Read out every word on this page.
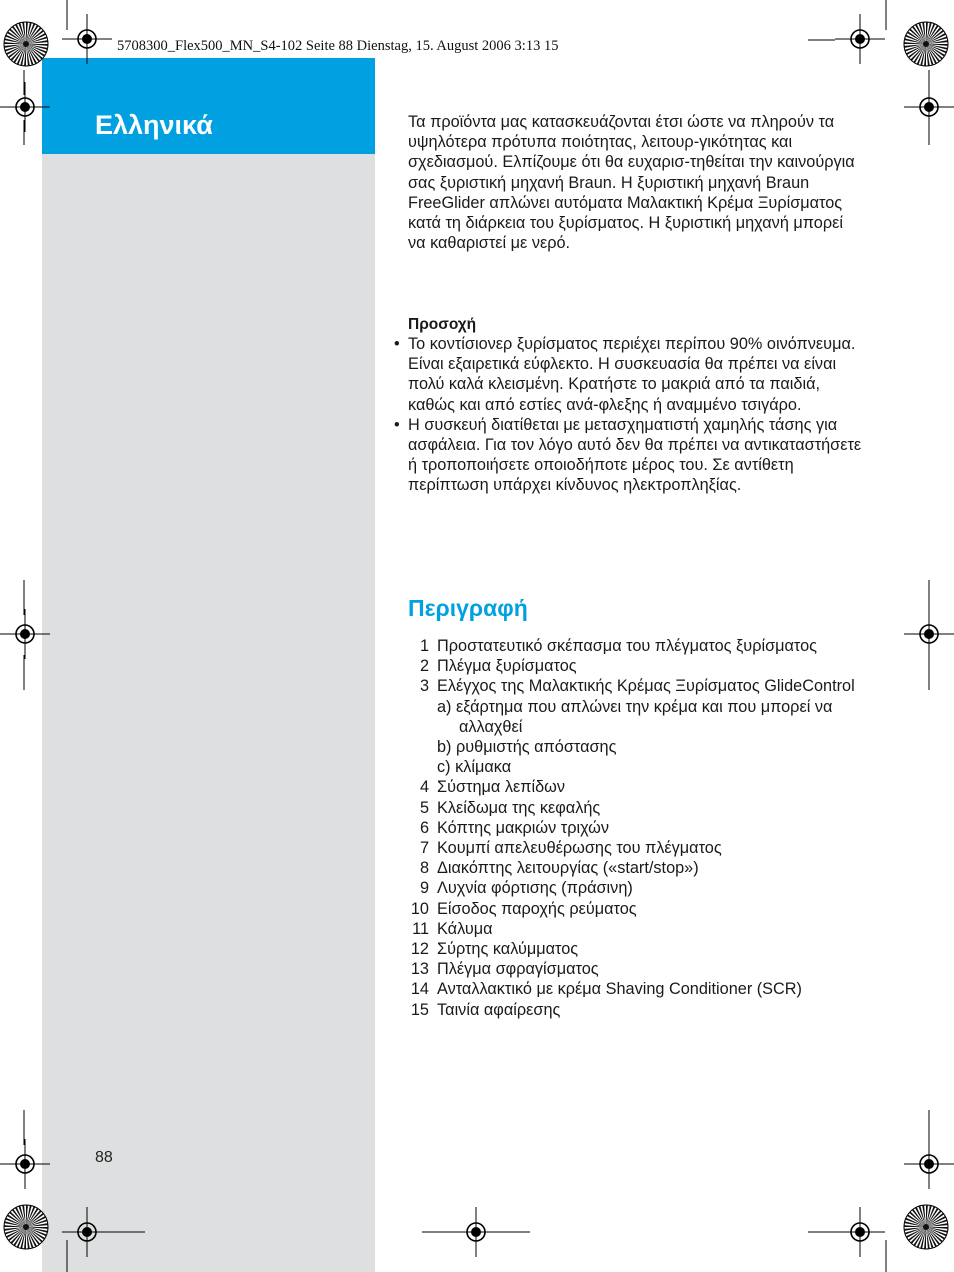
Ελληνικά
5708300_Flex500_MN_S4-102 Seite 88 Dienstag, 15. August 2006 3:13 15

Τα προϊόντα μας κατασκευάζονται έτσι ώστε να πληρούν τα υψηλότερα πρότυπα ποιότητας, λειτουρ-γικότητας και σχεδιασμού. Ελπίζουμε ότι θα ευχαρισ-τηθείται την καινούργια σας ξυριστική μηχανή Braun. Η ξυριστική μηχανή Braun FreeGlider απλώνει αυτόματα Μαλακτική Κρέμα Ξυρίσματος κατά τη διάρκεια του ξυρίσματος. Η ξυριστική μηχανή μπορεί να καθαριστεί με νερό.

Προσοχή
• Το κοντίσιονερ ξυρίσματος περιέχει περίπου 90% οινόπνευμα. Είναι εξαιρετικά εύφλεκτο. Η συσκευασία θα πρέπει να είναι πολύ καλά κλεισμένη. Κρατήστε το μακριά από τα παιδιά, καθώς και από εστίες ανά-φλεξης ή αναμμένο τσιγάρο.
• Η συσκευή διατίθεται με μετασχηματιστή χαμηλής τάσης για ασφάλεια. Για τον λόγο αυτό δεν θα πρέπει να αντικαταστήσετε ή τροποποιήσετε οποιοδήποτε μέρος του. Σε αντίθετη περίπτωση υπάρχει κίνδυνος ηλεκτροπληξίας.
Περιγραφή
1 Προστατευτικό σκέπασμα του πλέγματος ξυρίσματος
2 Πλέγμα ξυρίσματος
3 Ελέγχος της Μαλακτικής Κρέμας Ξυρίσματος GlideControl
a) εξάρτημα που απλώνει την κρέμα και που μπορεί να αλλαχθεί
b) ρυθμιστής απόστασης
c) κλίμακα
4 Σύστημα λεπίδων
5 Κλείδωμα της κεφαλής
6 Κόπτης μακριών τριχών
7 Κουμπί απελευθέρωσης του πλέγματος
8 Διακόπτης λειτουργίας («start/stop»)
9 Λυχνία φόρτισης (πράσινη)
10 Είσοδος παροχής ρεύματος
11 Κάλυμα
12 Σύρτης καλύμματος
13 Πλέγμα σφραγίσματος
14 Ανταλλακτικό με κρέμα Shaving Conditioner (SCR)
15 Ταινία αφαίρεσης
88
